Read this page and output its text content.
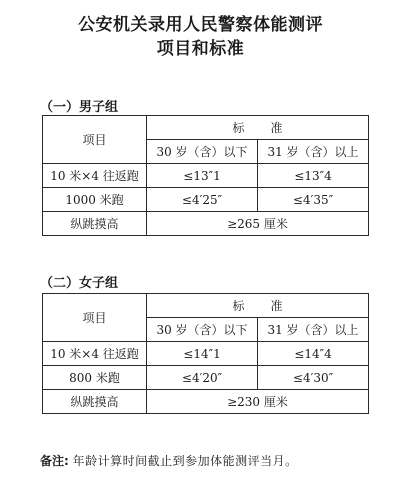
公安机关录用人民警察体能测评
项目和标准
（一）男子组
项目	标准	
	30 岁（含）以下	31 岁（含）以上
10 米×4 往返跑	≤13″1	≤13″4
1000 米跑	≤4′25″	≤4′35″
纵跳摸高	≥265 厘米	
（二）女子组
项目	标准	
	30 岁（含）以下	31 岁（含）以上
10 米×4 往返跑	≤14″1	≤14″4
800 米跑	≤4′20″	≤4′30″
纵跳摸高	≥230 厘米	
备注: 年龄计算时间截止到参加体能测评当月。
